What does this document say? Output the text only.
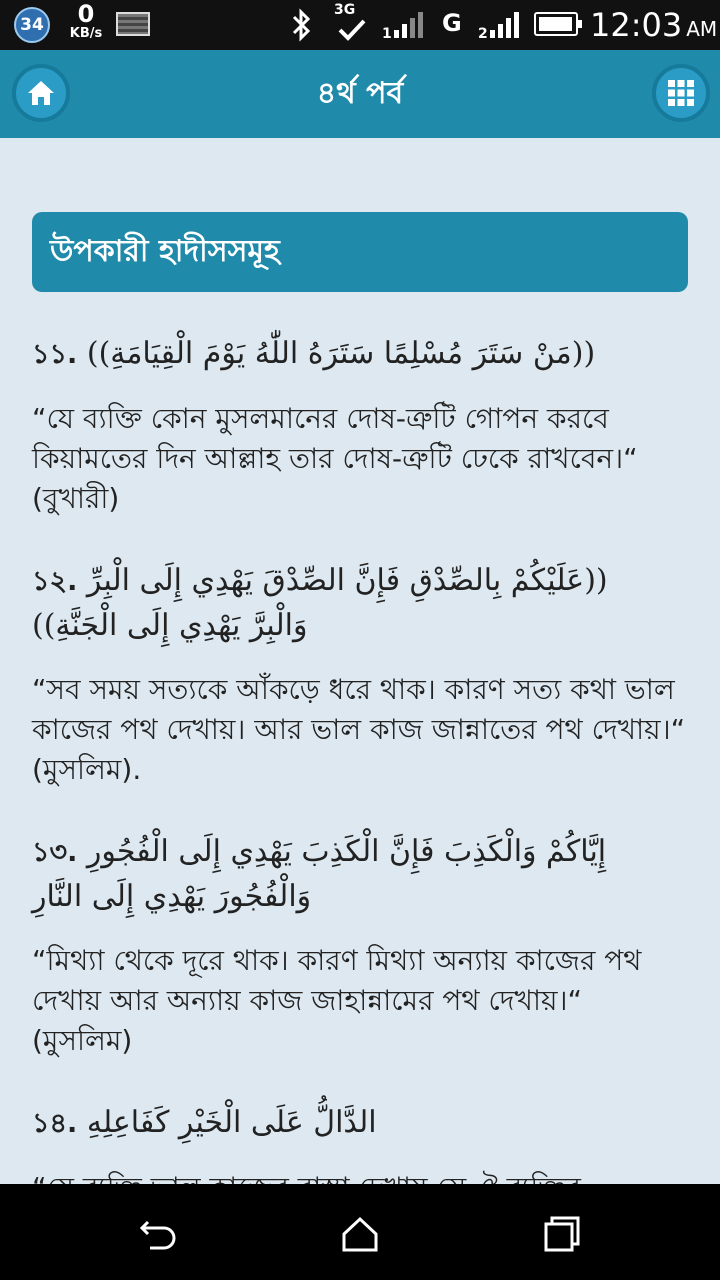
34	0
KB/s
3G
1 G 2	12:03 AM
৪র্থ পর্ব
উপকারী হাদীসসমূহ
১১. ((مَنْ سَتَرَ مُسْلِمًا سَتَرَهُ اللّٰهُ يَوْمَ الْقِيَامَةِ))
“যে ব্যক্তি কোন মুসলমানের দোষ-ত্রুটি গোপন করবে কিয়ামতের দিন আল্লাহ তার দোষ-ত্রুটি ঢেকে রাখবেন।“ (বুখারী)
১২. ((عَلَيْكُمْ بِالصِّدْقِ فَإِنَّ الصِّدْقَ يَهْدِي إِلَى الْبِرِّ
وَالْبِرَّ يَهْدِي إِلَى الْجَنَّةِ))
“সব সময় সত্যকে আঁকড়ে ধরে থাক। কারণ সত্য কথা ভাল কাজের পথ দেখায়। আর ভাল কাজ জান্নাতের পথ দেখায়।“ (মুসলিম).
১৩. إِيَّاكُمْ وَالْكَذِبَ فَإِنَّ الْكَذِبَ يَهْدِي إِلَى الْفُجُورِ
وَالْفُجُورَ يَهْدِي إِلَى النَّارِ
“মিথ্যা থেকে দূরে থাক। কারণ মিথ্যা অন্যায় কাজের পথ দেখায় আর অন্যায় কাজ জাহান্নামের পথ দেখায়।“ (মুসলিম)
১৪. الدَّالُّ عَلَى الْخَيْرِ كَفَاعِلِهِ
